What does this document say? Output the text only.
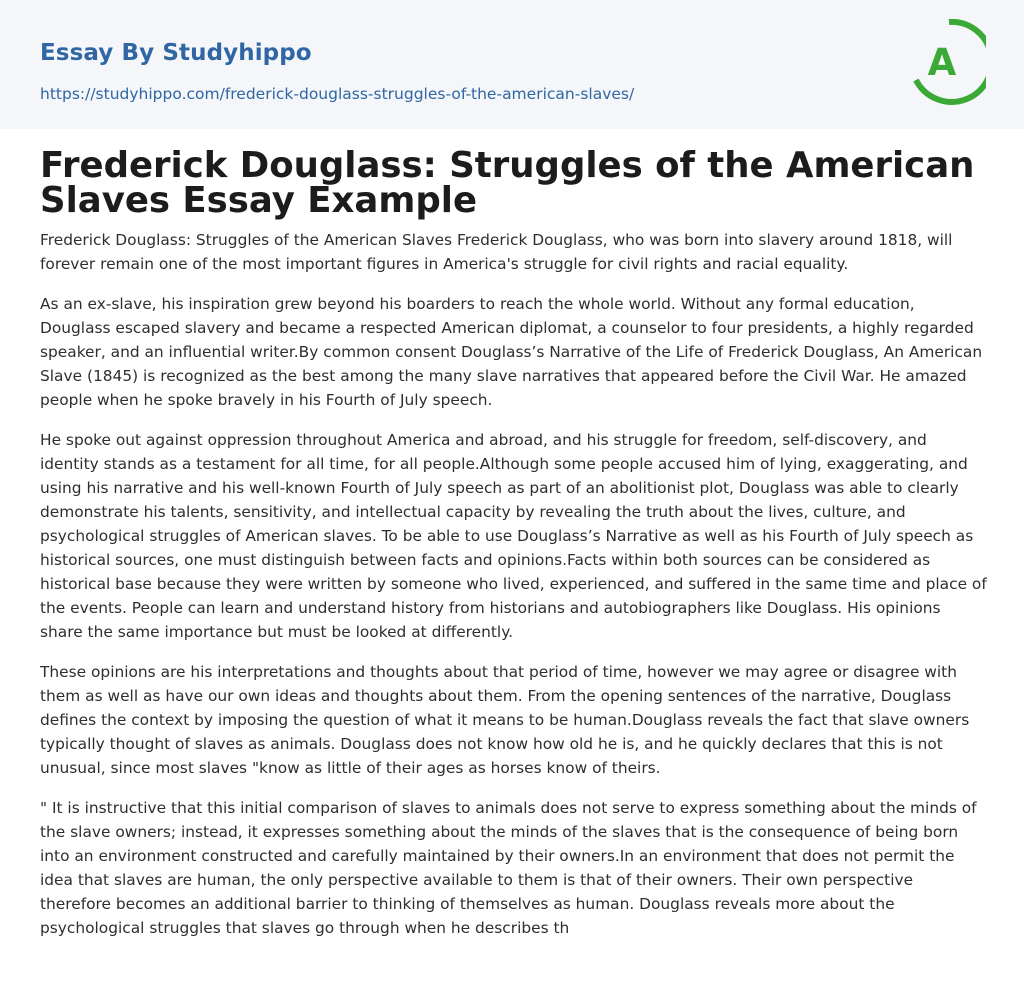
Essay By Studyhippo
https://studyhippo.com/frederick-douglass-struggles-of-the-american-slaves/
A
Frederick Douglass: Struggles of the American Slaves Essay Example

Frederick Douglass: Struggles of the American Slaves Frederick Douglass, who was born into slavery around 1818, will forever remain one of the most important figures in America's struggle for civil rights and racial equality.

As an ex-slave, his inspiration grew beyond his boarders to reach the whole world. Without any formal education, Douglass escaped slavery and became a respected American diplomat, a counselor to four presidents, a highly regarded speaker, and an influential writer.By common consent Douglass’s Narrative of the Life of Frederick Douglass, An American Slave (1845) is recognized as the best among the many slave narratives that appeared before the Civil War. He amazed people when he spoke bravely in his Fourth of July speech.

He spoke out against oppression throughout America and abroad, and his struggle for freedom, self-discovery, and identity stands as a testament for all time, for all people.Although some people accused him of lying, exaggerating, and using his narrative and his well-known Fourth of July speech as part of an abolitionist plot, Douglass was able to clearly demonstrate his talents, sensitivity, and intellectual capacity by revealing the truth about the lives, culture, and psychological struggles of American slaves. To be able to use Douglass’s Narrative as well as his Fourth of July speech as historical sources, one must distinguish between facts and opinions.Facts within both sources can be considered as historical base because they were written by someone who lived, experienced, and suffered in the same time and place of the events. People can learn and understand history from historians and autobiographers like Douglass. His opinions share the same importance but must be looked at differently.

These opinions are his interpretations and thoughts about that period of time, however we may agree or disagree with them as well as have our own ideas and thoughts about them. From the opening sentences of the narrative, Douglass defines the context by imposing the question of what it means to be human.Douglass reveals the fact that slave owners typically thought of slaves as animals. Douglass does not know how old he is, and he quickly declares that this is not unusual, since most slaves "know as little of their ages as horses know of theirs.

" It is instructive that this initial comparison of slaves to animals does not serve to express something about the minds of the slave owners; instead, it expresses something about the minds of the slaves that is the consequence of being born into an environment constructed and carefully maintained by their owners.In an environment that does not permit the idea that slaves are human, the only perspective available to them is that of their owners. Their own perspective therefore becomes an additional barrier to thinking of themselves as human. Douglass reveals more about the psychological struggles that slaves go through when he describes th
